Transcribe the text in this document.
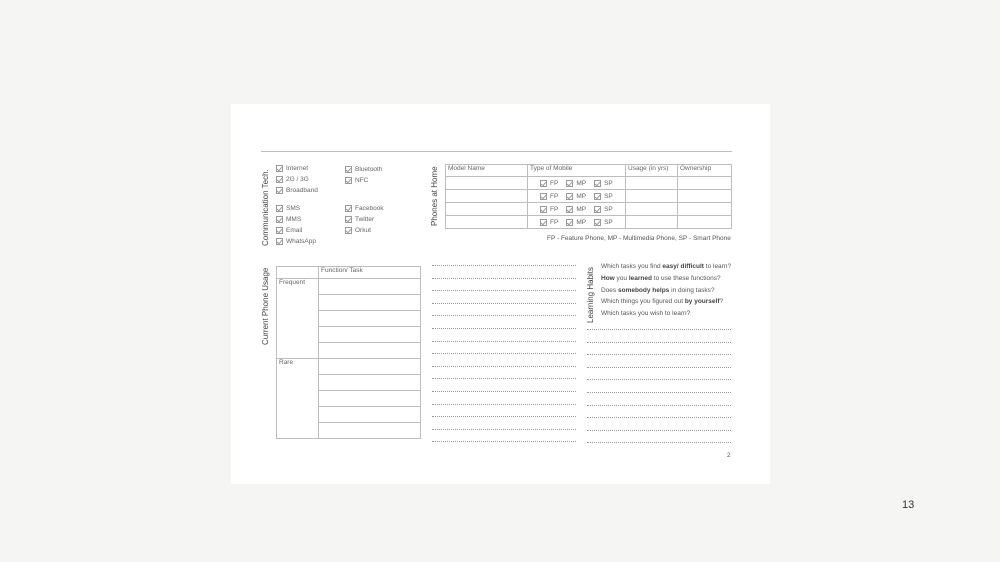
Communication Tech.
Internet
2G / 3G
Broadband
Bluetooth
NFC
SMS
MMS
Email
WhatsApp
Facebook
Twitter
Orkut
Phones at Home Model Name	Type of Mobile	Usage (in yrs)	Ownership

	FP MP SP		

	FP MP SP		

	FP MP SP		

	FP MP SP		

FP - Feature Phone, MP - Multimedia Phone, SP - Smart Phone
Current Phone Usage
		Function/ Task
Frequent	

Rare	

Learning Habits
Which tasks you find easy/ difficult to learn?
How you learned to use these functions?
Does somebody helps in doing tasks?
Which things you figured out by yourself?
Which tasks you wish to learn?
2
13
